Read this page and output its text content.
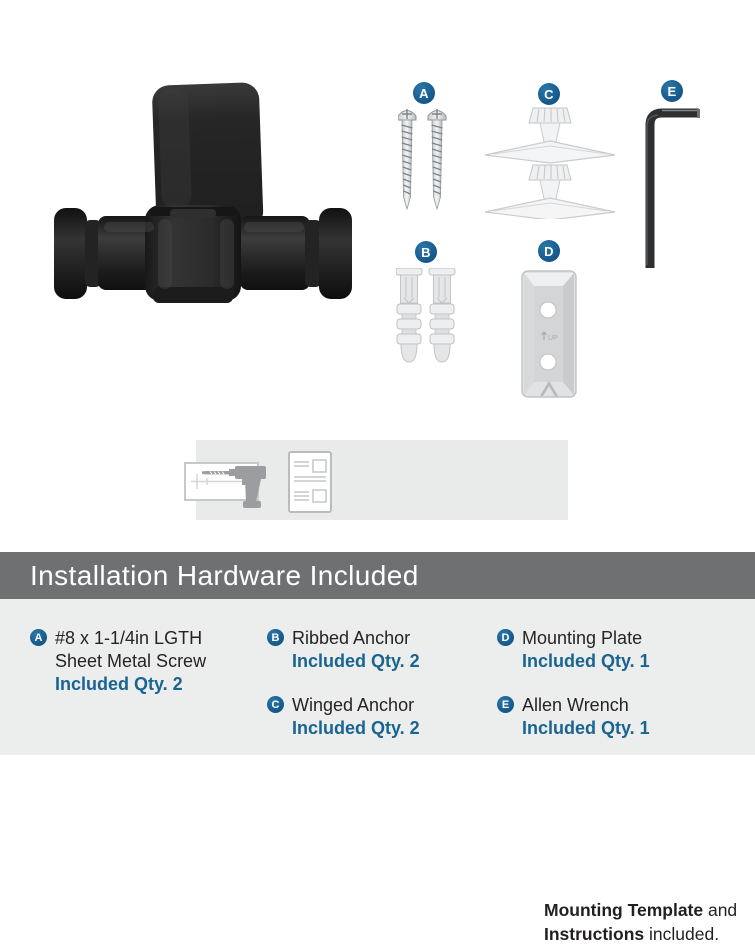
A
B
C
D
E
UP
Mounting Template and
Instructions included.
Installation Hardware Included
A #8 x 1-1/4in LGTH
Sheet Metal Screw
Included Qty. 2
B Ribbed Anchor
Included Qty. 2
C Winged Anchor
Included Qty. 2
D Mounting Plate
Included Qty. 1
E Allen Wrench
Included Qty. 1
